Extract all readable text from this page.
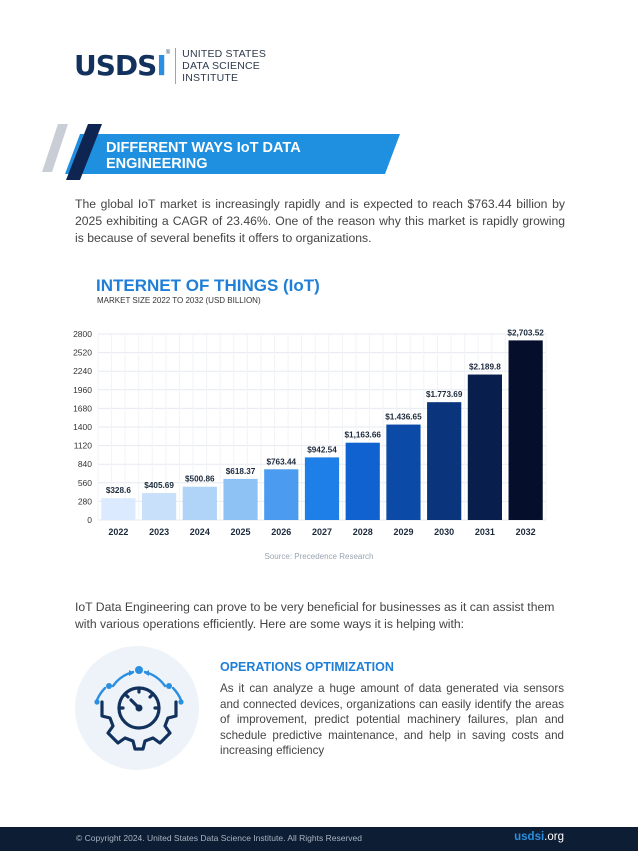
USDSI ® UNITED STATES
DATA SCIENCE
INSTITUTE
DIFFERENT WAYS IoT DATA ENGINEERING
CAN HELP ORGANIZATIONS

The global IoT market is increasingly rapidly and is expected to reach $763.44 billion by 2025 exhibiting a CAGR of 23.46%. One of the reason why this market is rapidly growing is because of several benefits it offers to organizations.

INTERNET OF THINGS (IoT)
MARKET SIZE 2022 TO 2032 (USD BILLION)
0
280
560
840
1120
1400
1680
1960
2240
2520
2800
$328.6
2022
$405.69
2023
$500.86
2024
$618.37
2025
$763.44
2026
$942.54
2027
$1,163.66
2028
$1.436.65
2029
$1.773.69
2030
$2.189.8
2031
$2,703.52
2032
Source: Precedence Research

IoT Data Engineering can prove to be very beneficial for businesses as it can assist them with various operations efficiently. Here are some ways it is helping with:

OPERATIONS OPTIMIZATION

As it can analyze a huge amount of data generated via sensors and connected devices, organizations can easily identify the areas of improvement, predict potential machinery failures, plan and schedule predictive maintenance, and help in saving costs and increasing efficiency

© Copyright 2024. United States Data Science Institute. All Rights Reserved	usdsi.org
